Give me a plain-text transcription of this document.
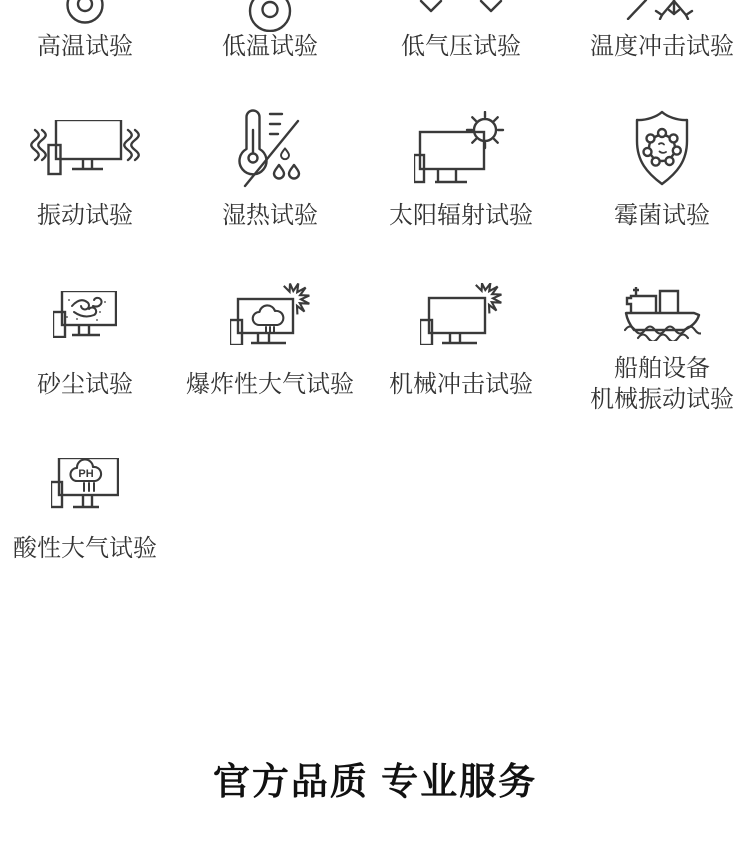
高温试验	低温试验	低气压试验	温度冲击试验
振动试验	湿热试验	太阳辐射试验	霉菌试验
砂尘试验	爆炸性大气试验	机械冲击试验
船舶设备
机械振动试验
PH
酸性大气试验
官方品质 专业服务
